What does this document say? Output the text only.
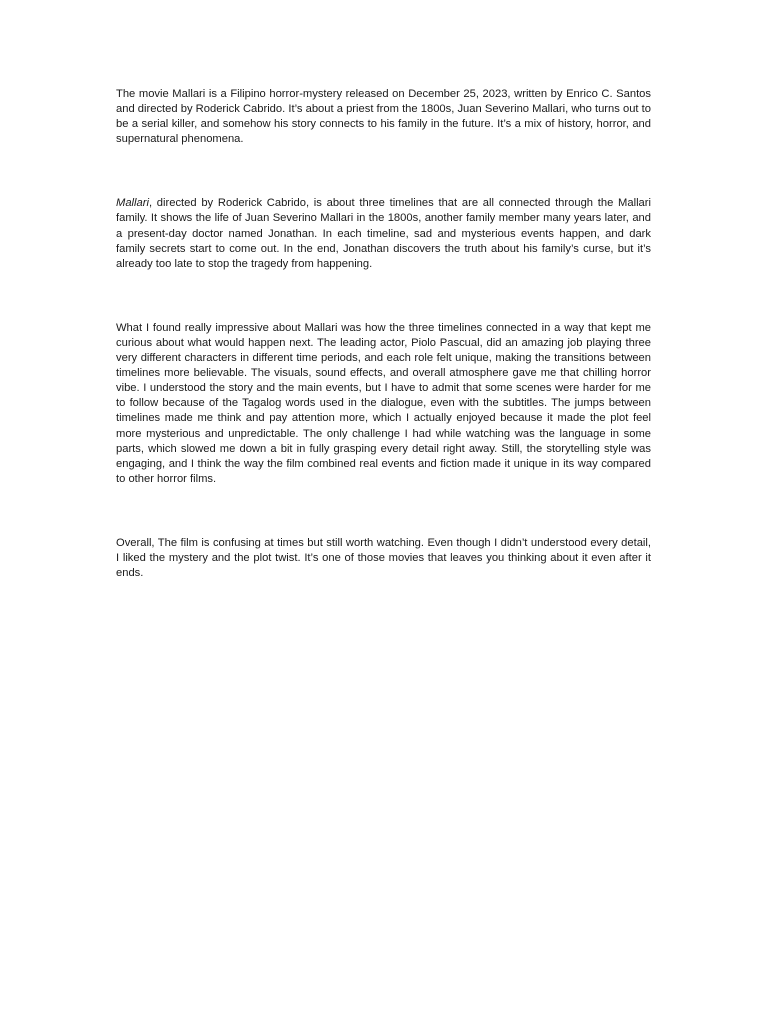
The movie Mallari is a Filipino horror-mystery released on December 25, 2023, written by Enrico C. Santos and directed by Roderick Cabrido. It’s about a priest from the 1800s, Juan Severino Mallari, who turns out to be a serial killer, and somehow his story connects to his family in the future. It’s a mix of history, horror, and supernatural phenomena.

Mallari, directed by Roderick Cabrido, is about three timelines that are all connected through the Mallari family. It shows the life of Juan Severino Mallari in the 1800s, another family member many years later, and a present-day doctor named Jonathan. In each timeline, sad and mysterious events happen, and dark family secrets start to come out. In the end, Jonathan discovers the truth about his family’s curse, but it’s already too late to stop the tragedy from happening.

What I found really impressive about Mallari was how the three timelines connected in a way that kept me curious about what would happen next. The leading actor, Piolo Pascual, did an amazing job playing three very different characters in different time periods, and each role felt unique, making the transitions between timelines more believable. The visuals, sound effects, and overall atmosphere gave me that chilling horror vibe. I understood the story and the main events, but I have to admit that some scenes were harder for me to follow because of the Tagalog words used in the dialogue, even with the subtitles. The jumps between timelines made me think and pay attention more, which I actually enjoyed because it made the plot feel more mysterious and unpredictable. The only challenge I had while watching was the language in some parts, which slowed me down a bit in fully grasping every detail right away. Still, the storytelling style was engaging, and I think the way the film combined real events and fiction made it unique in its way compared to other horror films.

Overall, The film is confusing at times but still worth watching. Even though I didn’t understood every detail, I liked the mystery and the plot twist. It’s one of those movies that leaves you thinking about it even after it ends.
